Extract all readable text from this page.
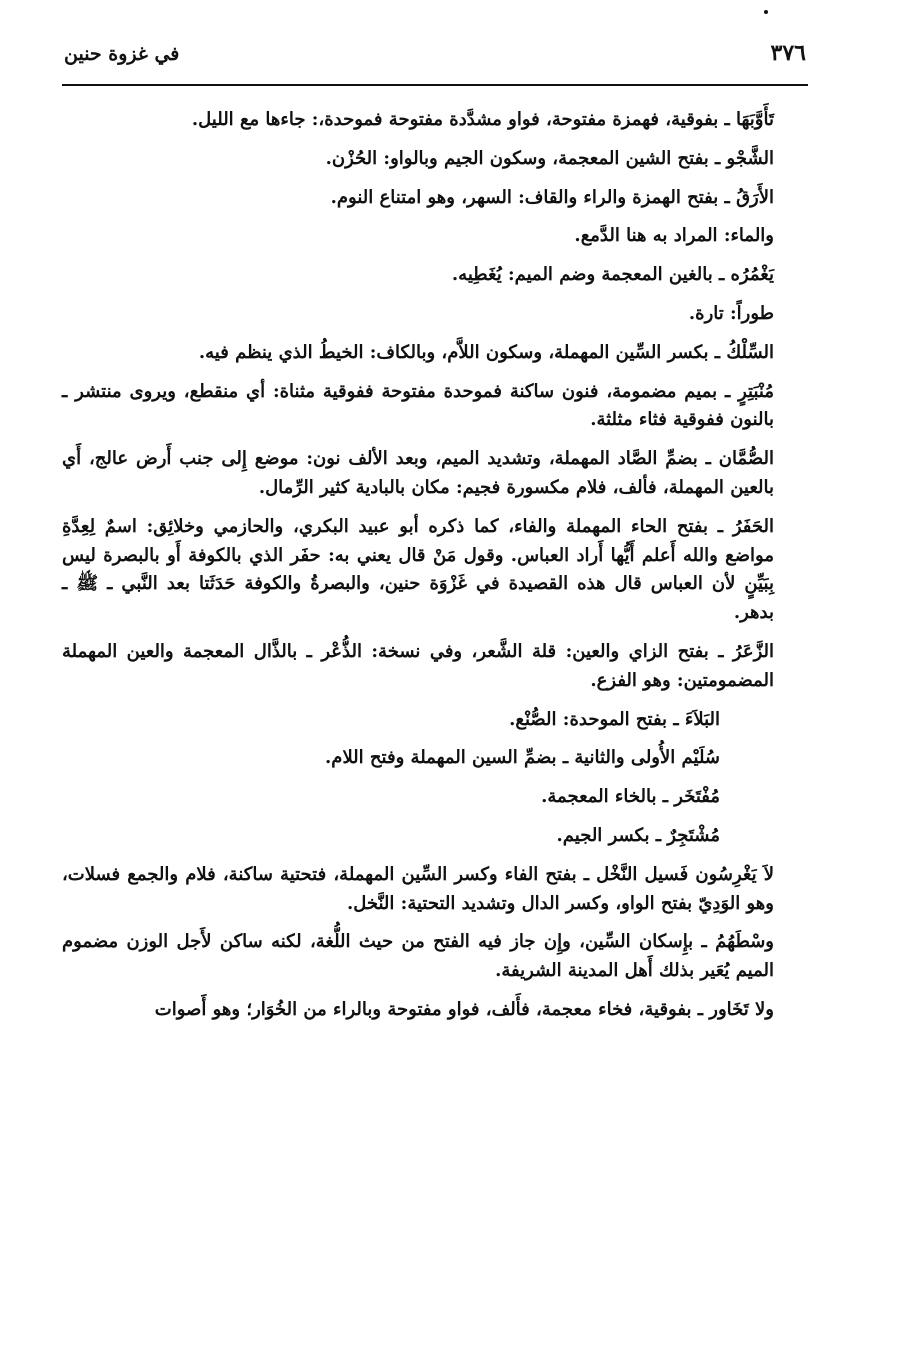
٣٧٦
في غزوة حنين

تَأَوَّبَهَا ـ بفوقية، فهمزة مفتوحة، فواو مشدَّدة مفتوحة فموحدة،: جاءها مع الليل.

الشَّجْو ـ بفتح الشين المعجمة، وسكون الجيم وبالواو: الحُزْن.

الأَرَقُ ـ بفتح الهمزة والراء والقاف: السهر، وهو امتناع النوم.

والماء: المراد به هنا الدَّمع.

يَغْمُرُه ـ بالغين المعجمة وضم الميم: يُغَطِيه.

طوراً: تارة.

السِّلْكُ ـ بكسر السِّين المهملة، وسكون اللاَّم، وبالكاف: الخيطُ الذي ينظم فيه.

مُنْبَتِرٍ ـ بميم مضمومة، فنون ساكنة فموحدة مفتوحة ففوقية مثناة: أي منقطع، ويروى منتشر ـ بالنون ففوقية فثاء مثلثة.

الصُّمَّان ـ بضمِّ الصَّاد المهملة، وتشديد الميم، وبعد الألف نون: موضع إِلى جنب أَرض عالج، أَي بالعين المهملة، فألف، فلام مكسورة فجيم: مكان بالبادية كثير الرِّمال.

الحَفَرُ ـ بفتح الحاء المهملة والفاء، كما ذكره أبو عبيد البكري، والحازمي وخلائِق: اسمٌ لِعِدَّةِ مواضع والله أَعلم أَيُّها أَراد العباس. وقول مَنْ قال يعني به: حفَر الذي بالكوفة أَو بالبصرة ليس بِبَيِّنٍ لأن العباس قال هذه القصيدة في غَزْوَة حنين، والبصرةُ والكوفة حَدَثَتا بعد النَّبي ـ ﷺ ـ بدهر.

الزَّعَرُ ـ بفتح الزاي والعين: قلة الشَّعر، وفي نسخة: الذُّعْر ـ بالذَّال المعجمة والعين المهملة المضمومتين: وهو الفزع.

البَلاَءَ ـ بفتح الموحدة: الصُّنْع.

سُلَيْم الأُولى والثانية ـ بضمِّ السين المهملة وفتح اللام.

مُفْتَخَر ـ بالخاء المعجمة.

مُشْتَجِرٌ ـ بكسر الجيم.

لاَ يَغْرِسُون فَسيل النَّخْل ـ بفتح الفاء وكسر السِّين المهملة، فتحتية ساكنة، فلام والجمع فسلات، وهو الوَدِيّ بفتح الواو، وكسر الدال وتشديد التحتية: النَّخل.

وسْطَهُمُ ـ بإِسكان السِّين، وإِن جاز فيه الفتح من حيث اللُّغة، لكنه ساكن لأَجل الوزن مضموم الميم يُعَير بذلك أَهل المدينة الشريفة.

ولا تَخَاور ـ بفوقية، فخاء معجمة، فأَلف، فواو مفتوحة وبالراء من الخُوَار؛ وهو أَصوات
